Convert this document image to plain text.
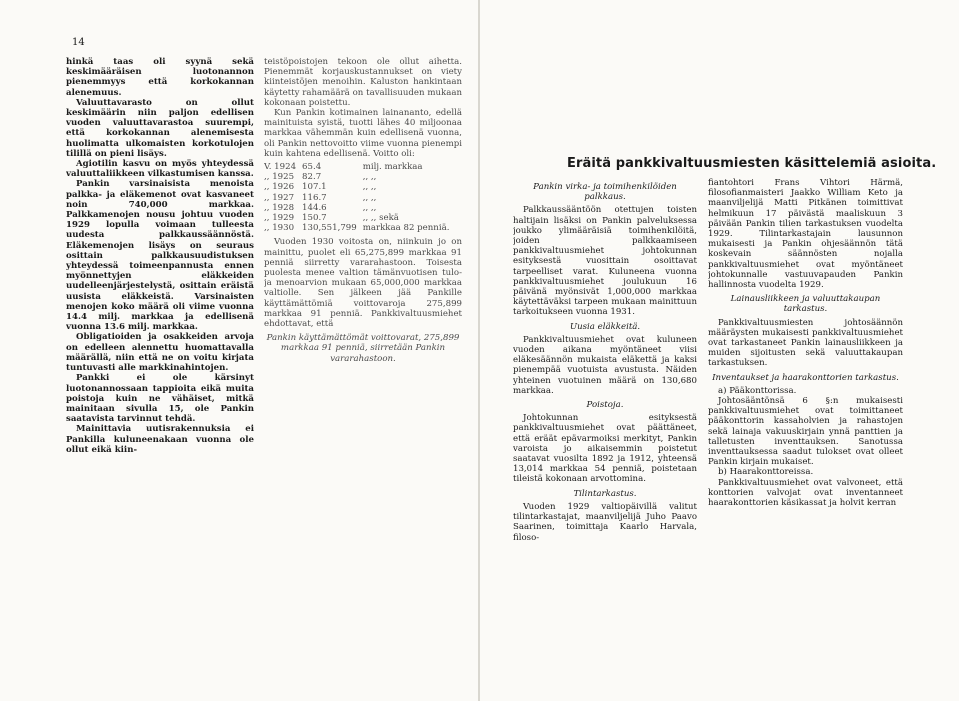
14

hinkä taas oli syynä sekä keskimääräisen luotonannon pienemmyys että korkokannan alenemuus.

Valuuttavarasto on ollut keskimäärin niin paljon edellisen vuoden valuuttavarastoa suurempi, että korkokannan alenemisesta huolimatta ulkomaisten korkotulojen tilillä on pieni lisäys.

Agiotilin kasvu on myös yhteydessä valuuttaliikkeen vilkastumisen kanssa.

Pankin varsinaisista menoista palkka- ja eläkemenot ovat kasvaneet noin 740,000 markkaa. Palkkamenojen nousu johtuu vuoden 1929 lopulla voimaan tulleesta uudesta palkkaussäännöstä. Eläkemenojen lisäys on seuraus osittain palkkausuudistuksen yhteydessä toimeenpannusta ennen myönnettyjen eläkkeiden uudelleenjärjestelystä, osittain eräistä uusista eläkkeistä. Varsinaisten menojen koko määrä oli viime vuonna 14.4 milj. markkaa ja edellisenä vuonna 13.6 milj. markkaa.

Obligatioiden ja osakkeiden arvoja on edelleen alennettu huomattavalla määrällä, niin että ne on voitu kirjata tuntuvasti alle markkinahintojen.

Pankki ei ole kärsinyt luotonannossaan tappioita eikä muita poistoja kuin ne vähäiset, mitkä mainitaan sivulla 15, ole Pankin saatavista tarvinnut tehdä.

Mainittavia uutisrakennuksia ei Pankilla kuluneenakaan vuonna ole ollut eikä kiin-

teistöpoistojen tekoon ole ollut aihetta. Pienemmät korjauskustannukset on viety kiinteistöjen menoihin. Kaluston hankintaan käytetty rahamäärä on tavallisuuden mukaan kokonaan poistettu.

Kun Pankin kotimainen lainananto, edellä mainituista syistä, tuotti lähes 40 miljoonaa markkaa vähemmän kuin edellisenä vuonna, oli Pankin nettovoitto viime vuonna pienempi kuin kahtena edellisenä. Voitto oli:

V. 1924	65.4	milj. markkaa
,, 1925	82.7	,, ,,
,, 1926	107.1	,, ,,
,, 1927	116.7	,, ,,
,, 1928	144.6	,, ,,
,, 1929	150.7	,, ,, sekä
,, 1930	130,551,799	markkaa 82 penniä.

Vuoden 1930 voitosta on, niinkuin jo on mainittu, puolet eli 65,275,899 markkaa 91 penniä siirretty vararahastoon. Toisesta puolesta menee valtion tämänvuotisen tulo- ja menoarvion mukaan 65,000,000 markkaa valtiolle. Sen jälkeen jää Pankille käyttämättömiä voittovaroja 275,899 markkaa 91 penniä. Pankkivaltuusmiehet ehdottavat, että

Pankin käyttämättömät voittovarat, 275,899 markkaa 91 penniä, siirretään Pankin vararahastoon.

Eräitä pankkivaltuusmiesten käsittelemiä asioita.

Pankin virka- ja toimihenkilöiden palkkaus.

Palkkaussääntöön otettujen toisten haltijain lisäksi on Pankin palveluksessa joukko ylimääräisiä toimihenkilöitä, joiden palkkaamiseen pankkivaltuusmiehet johtokunnan esityksestä vuosittain osoittavat tarpeelliset varat. Kuluneena vuonna pankkivaltuusmiehet joulukuun 16 päivänä myönsivät 1,000,000 markkaa käytettäväksi tarpeen mukaan mainittuun tarkoitukseen vuonna 1931.

Uusia eläkkeitä.

Pankkivaltuusmiehet ovat kuluneen vuoden aikana myöntäneet viisi eläkesäännön mukaista eläkettä ja kaksi pienempää vuotuista avustusta. Näiden yhteinen vuotuinen määrä on 130,680 markkaa.

Poistoja.

Johtokunnan esityksestä pankkivaltuusmiehet ovat päättäneet, että eräät epävarmoiksi merkityt, Pankin varoista jo aikaisemmin poistetut saatavat vuosilta 1892 ja 1912, yhteensä 13,014 markkaa 54 penniä, poistetaan tileistä kokonaan arvottomina.

Tilintarkastus.

Vuoden 1929 valtiopäivillä valitut tilintarkastajat, maanviljelijä Juho Paavo Saarinen, toimittaja Kaarlo Harvala, filoso-

fiantohtori Frans Vihtori Härmä, filosofianmaisteri Jaakko William Keto ja maanviljelijä Matti Pitkänen toimittivat helmikuun 17 päivästä maaliskuun 3 päivään Pankin tilien tarkastuksen vuodelta 1929. Tilintarkastajain lausunnon mukaisesti ja Pankin ohjesäännön tätä koskevain säännösten nojalla pankkivaltuusmiehet ovat myöntäneet johtokunnalle vastuuvapauden Pankin hallinnosta vuodelta 1929.

Lainausliikkeen ja valuuttakaupan tarkastus.

Pankkivaltuusmiesten johtosäännön määräysten mukaisesti pankkivaltuusmiehet ovat tarkastaneet Pankin lainausliikkeen ja muiden sijoitusten sekä valuuttakaupan tarkastuksen.

Inventaukset ja haarakonttorien tarkastus.

a) Pääkonttorissa.

Johtosääntönsä 6 §:n mukaisesti pankkivaltuusmiehet ovat toimittaneet pääkonttorin kassaholvien ja rahastojen sekä lainaja vakuuskirjain ynnä panttien ja talletusten inventtauksen. Sanotussa inventtauksessa saadut tulokset ovat olleet Pankin kirjain mukaiset.

b) Haarakonttoreissa.

Pankkivaltuusmiehet ovat valvoneet, että konttorien valvojat ovat inventanneet haarakonttorien käsikassat ja holvit kerran
